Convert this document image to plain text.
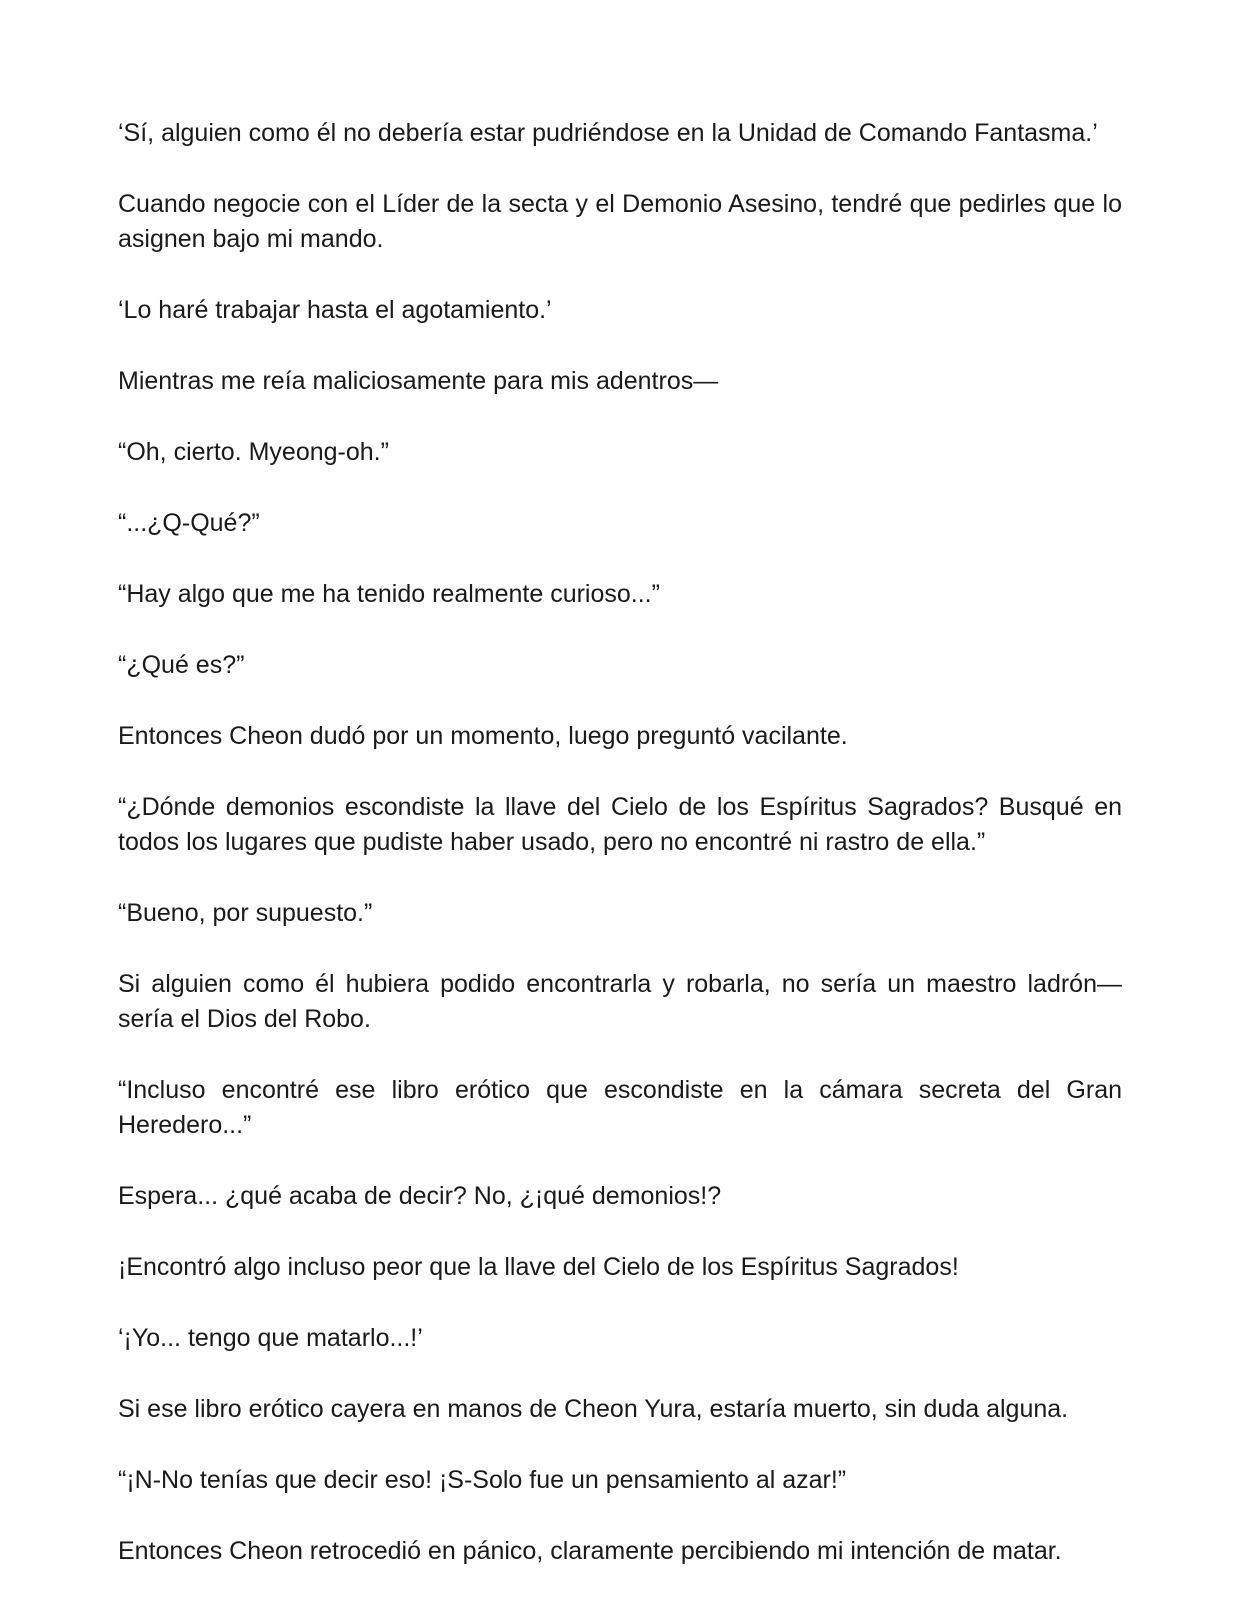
‘Sí, alguien como él no debería estar pudriéndose en la Unidad de Comando Fantasma.’

Cuando negocie con el Líder de la secta y el Demonio Asesino, tendré que pedirles que lo asignen bajo mi mando.

‘Lo haré trabajar hasta el agotamiento.’

Mientras me reía maliciosamente para mis adentros—

“Oh, cierto. Myeong-oh.”

“...¿Q-Qué?”

“Hay algo que me ha tenido realmente curioso...”

“¿Qué es?”

Entonces Cheon dudó por un momento, luego preguntó vacilante.

“¿Dónde demonios escondiste la llave del Cielo de los Espíritus Sagrados? Busqué en todos los lugares que pudiste haber usado, pero no encontré ni rastro de ella.”

“Bueno, por supuesto.”

Si alguien como él hubiera podido encontrarla y robarla, no sería un maestro ladrón—sería el Dios del Robo.

“Incluso encontré ese libro erótico que escondiste en la cámara secreta del Gran Heredero...”

Espera... ¿qué acaba de decir? No, ¿¡qué demonios!?

¡Encontró algo incluso peor que la llave del Cielo de los Espíritus Sagrados!

‘¡Yo... tengo que matarlo...!’

Si ese libro erótico cayera en manos de Cheon Yura, estaría muerto, sin duda alguna.

“¡N-No tenías que decir eso! ¡S-Solo fue un pensamiento al azar!”

Entonces Cheon retrocedió en pánico, claramente percibiendo mi intención de matar.
